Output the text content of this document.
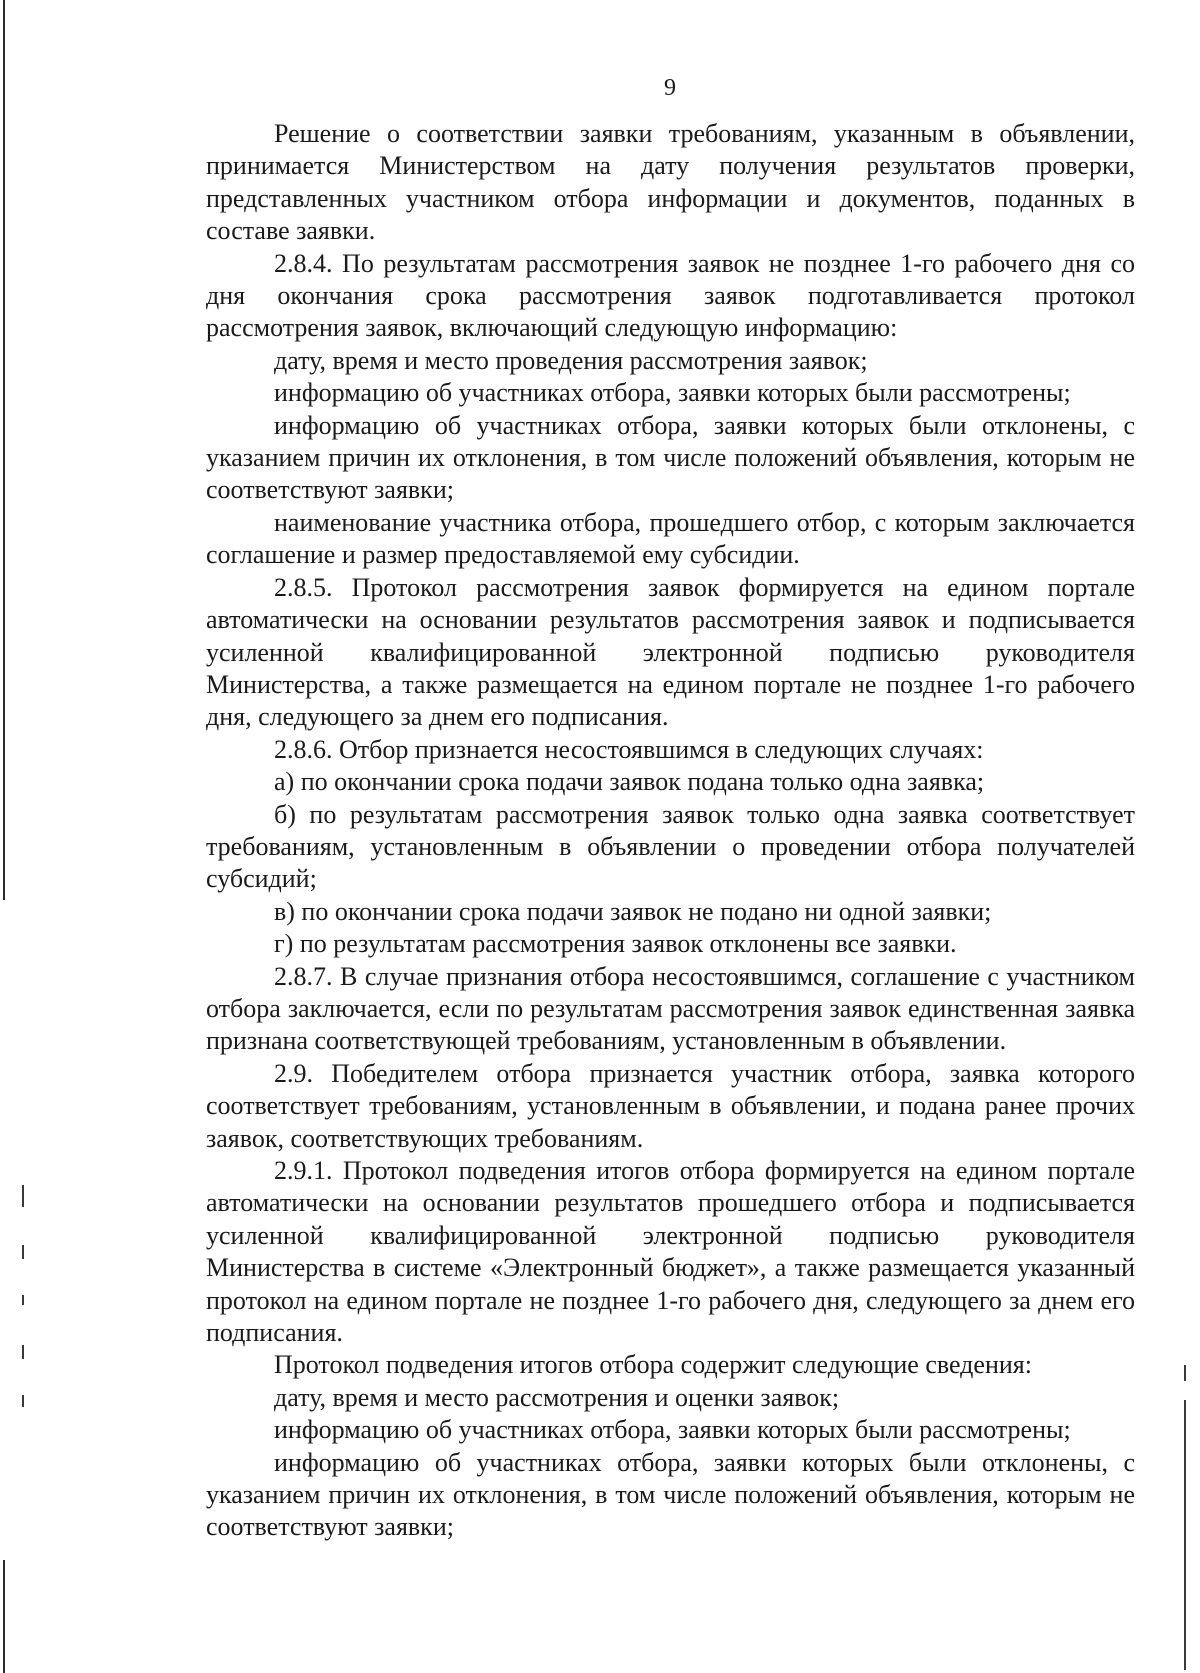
9

Решение о соответствии заявки требованиям, указанным в объявлении, принимается Министерством на дату получения результатов проверки, представленных участником отбора информации и документов, поданных в составе заявки.

2.8.4. По результатам рассмотрения заявок не позднее 1-го рабочего дня со дня окончания срока рассмотрения заявок подготавливается протокол рассмотрения заявок, включающий следующую информацию:

дату, время и место проведения рассмотрения заявок;

информацию об участниках отбора, заявки которых были рассмотрены;

информацию об участниках отбора, заявки которых были отклонены, с указанием причин их отклонения, в том числе положений объявления, которым не соответствуют заявки;

наименование участника отбора, прошедшего отбор, с которым заключается соглашение и размер предоставляемой ему субсидии.

2.8.5. Протокол рассмотрения заявок формируется на едином портале автоматически на основании результатов рассмотрения заявок и подписывается усиленной квалифицированной электронной подписью руководителя Министерства, а также размещается на едином портале не позднее 1-го рабочего дня, следующего за днем его подписания.

2.8.6. Отбор признается несостоявшимся в следующих случаях:

а) по окончании срока подачи заявок подана только одна заявка;

б) по результатам рассмотрения заявок только одна заявка соответствует требованиям, установленным в объявлении о проведении отбора получателей субсидий;

в) по окончании срока подачи заявок не подано ни одной заявки;

г) по результатам рассмотрения заявок отклонены все заявки.

2.8.7. В случае признания отбора несостоявшимся, соглашение с участником отбора заключается, если по результатам рассмотрения заявок единственная заявка признана соответствующей требованиям, установленным в объявлении.

2.9. Победителем отбора признается участник отбора, заявка которого соответствует требованиям, установленным в объявлении, и подана ранее прочих заявок, соответствующих требованиям.

2.9.1. Протокол подведения итогов отбора формируется на едином портале автоматически на основании результатов прошедшего отбора и подписывается усиленной квалифицированной электронной подписью руководителя Министерства в системе «Электронный бюджет», а также размещается указанный протокол на едином портале не позднее 1-го рабочего дня, следующего за днем его подписания.

Протокол подведения итогов отбора содержит следующие сведения:

дату, время и место рассмотрения и оценки заявок;

информацию об участниках отбора, заявки которых были рассмотрены;

информацию об участниках отбора, заявки которых были отклонены, с указанием причин их отклонения, в том числе положений объявления, которым не соответствуют заявки;
